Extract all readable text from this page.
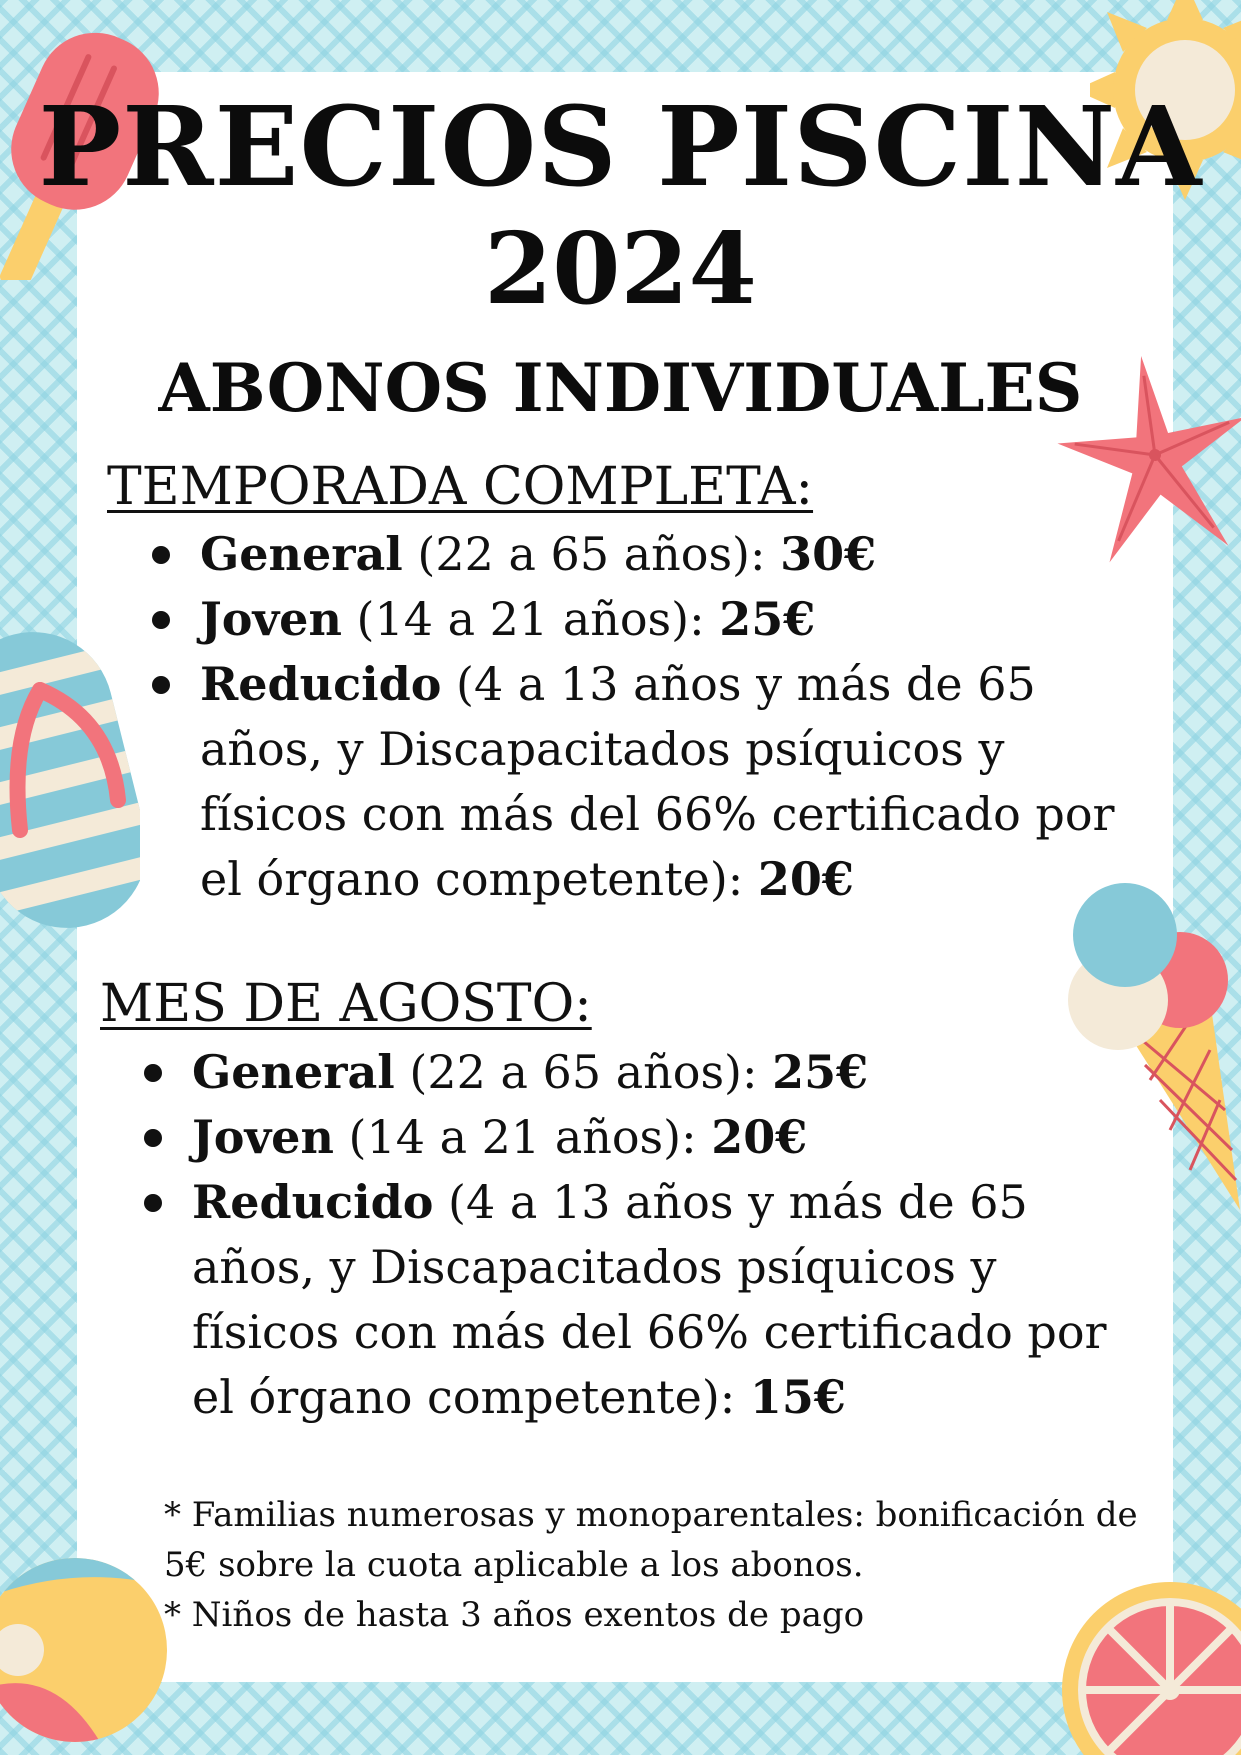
PRECIOS PISCINA
2024
ABONOS INDIVIDUALES
TEMPORADA COMPLETA:
General (22 a 65 años): 30€
Joven (14 a 21 años): 25€
Reducido (4 a 13 años y más de 65 años, y Discapacitados psíquicos y físicos con más del 66% certificado por el órgano competente): 20€
MES DE AGOSTO:
General (22 a 65 años): 25€
Joven (14 a 21 años): 20€
Reducido (4 a 13 años y más de 65 años, y Discapacitados psíquicos y físicos con más del 66% certificado por el órgano competente): 15€

* Familias numerosas y monoparentales: bonificación de 5€ sobre la cuota aplicable a los abonos.

* Niños de hasta 3 años exentos de pago
